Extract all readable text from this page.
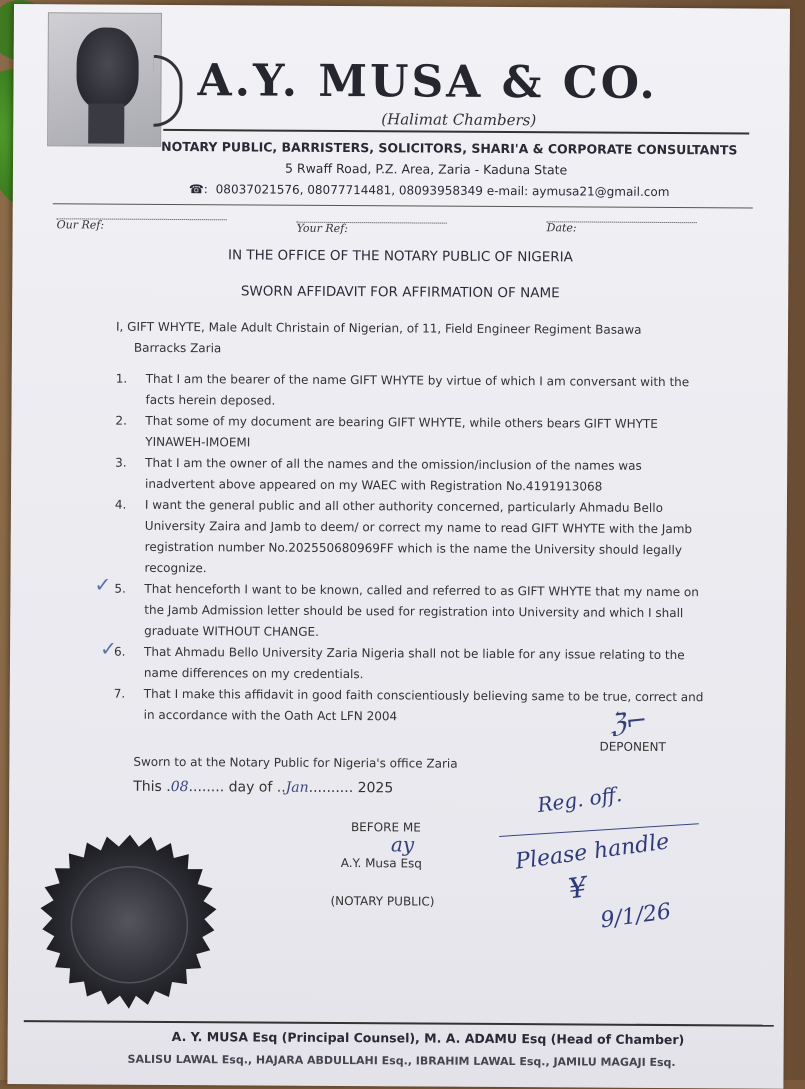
A.Y. MUSA & CO.
(Halimat Chambers)
NOTARY PUBLIC, BARRISTERS, SOLICITORS, SHARI'A & CORPORATE CONSULTANTS
5 Rwaff Road, P.Z. Area, Zaria - Kaduna State
☎: 08037021576, 08077714481, 08093958349 e-mail: aymusa21@gmail.com
Our Ref:	Your Ref:	Date:
IN THE OFFICE OF THE NOTARY PUBLIC OF NIGERIA
SWORN AFFIDAVIT FOR AFFIRMATION OF NAME
I, GIFT WHYTE, Male Adult Christain of Nigerian, of 11, Field Engineer Regiment Basawa
Barracks Zaria
1.	That I am the bearer of the name GIFT WHYTE by virtue of which I am conversant with the facts herein deposed.
2.	That some of my document are bearing GIFT WHYTE, while others bears GIFT WHYTE YINAWEH-IMOEMI
3.	That I am the owner of all the names and the omission/inclusion of the names was inadvertent above appeared on my WAEC with Registration No.4191913068
4.	I want the general public and all other authority concerned, particularly Ahmadu Bello University Zaira and Jamb to deem/ or correct my name to read GIFT WHYTE with the Jamb registration number No.202550680969FF which is the name the University should legally recognize.
5.	That henceforth I want to be known, called and referred to as GIFT WHYTE that my name on the Jamb Admission letter should be used for registration into University and which I shall graduate WITHOUT CHANGE.
6.	That Ahmadu Bello University Zaria Nigeria shall not be liable for any issue relating to the name differences on my credentials.
7.	That I make this affidavit in good faith conscientiously believing same to be true, correct and in accordance with the Oath Act LFN 2004
✓
✓
ℨ⌐
DEPONENT
Sworn to at the Notary Public for Nigeria's office Zaria
This .08........ day of ..Jan.......... 2025
BEFORE ME
ay
A.Y. Musa Esq
(NOTARY PUBLIC)
Reg. off.
Please handle
¥
9/1/26
A. Y. MUSA Esq (Principal Counsel), M. A. ADAMU Esq (Head of Chamber)
SALISU LAWAL Esq., HAJARA ABDULLAHI Esq., IBRAHIM LAWAL Esq., JAMILU MAGAJI Esq.
